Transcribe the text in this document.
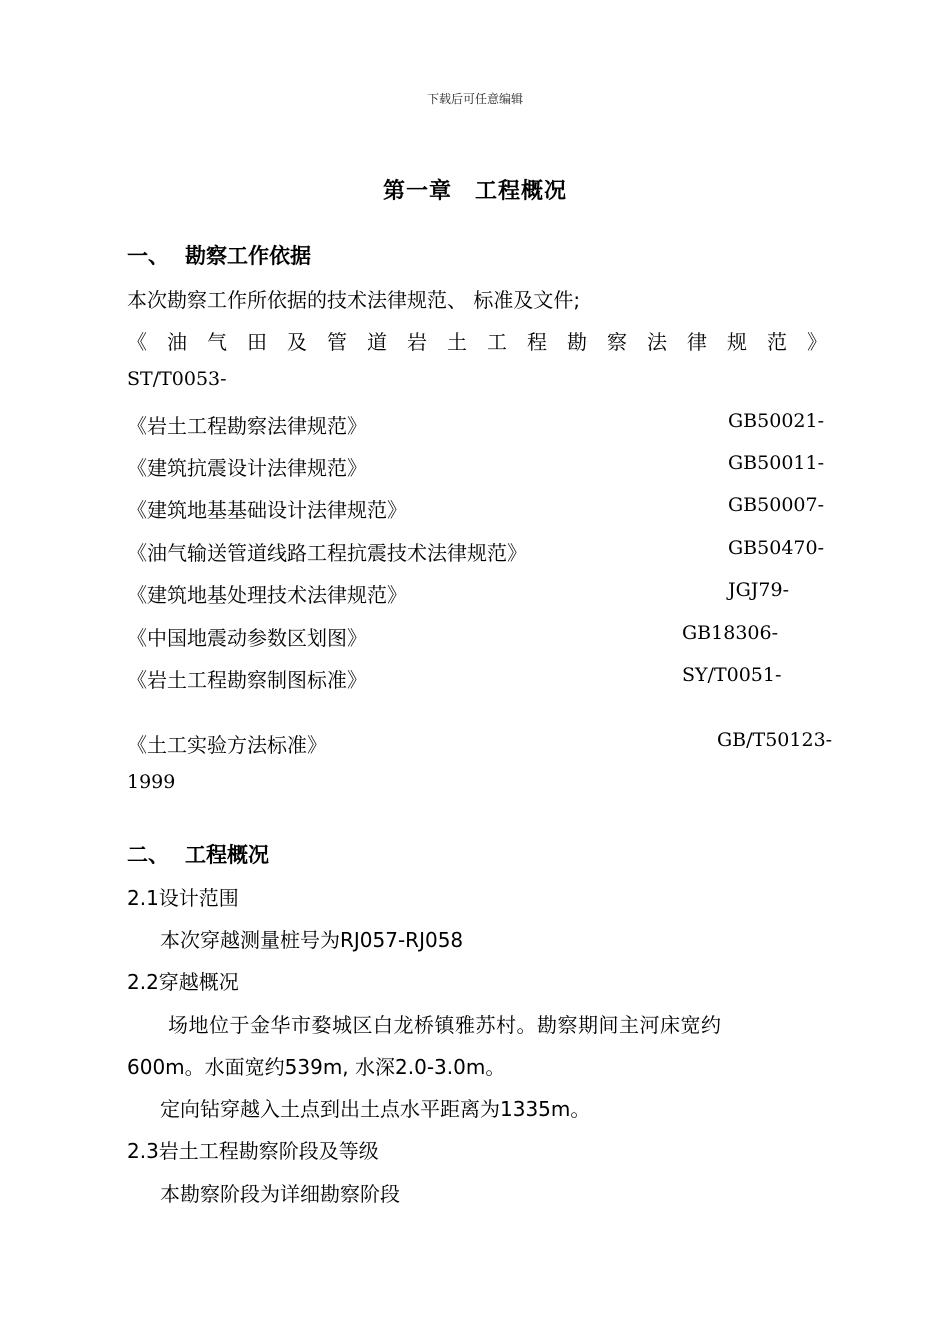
下载后可任意编辑
第一章　工程概况
一、 勘察工作依据
本次勘察工作所依据的技术法律规范、 标准及文件;
《 油 气 田 及 管 道 岩 土 工 程 勘 察 法 律 规 范 》
ST/T0053-
《岩土工程勘察法律规范》	GB50021-
《建筑抗震设计法律规范》	GB50011-
《建筑地基基础设计法律规范》	GB50007-
《油气输送管道线路工程抗震技术法律规范》	GB50470-
《建筑地基处理技术法律规范》	JGJ79-
《中国地震动参数区划图》	GB18306-
《岩土工程勘察制图标准》	SY/T0051-
《土工实验方法标准》	GB/T50123-
1999
二、 工程概况
2.1设计范围
本次穿越测量桩号为RJ057-RJ058
2.2穿越概况
场地位于金华市婺城区白龙桥镇雅苏村。勘察期间主河床宽约
600m。水面宽约539m, 水深2.0-3.0m。
定向钻穿越入土点到出土点水平距离为1335m。
2.3岩土工程勘察阶段及等级
本勘察阶段为详细勘察阶段
